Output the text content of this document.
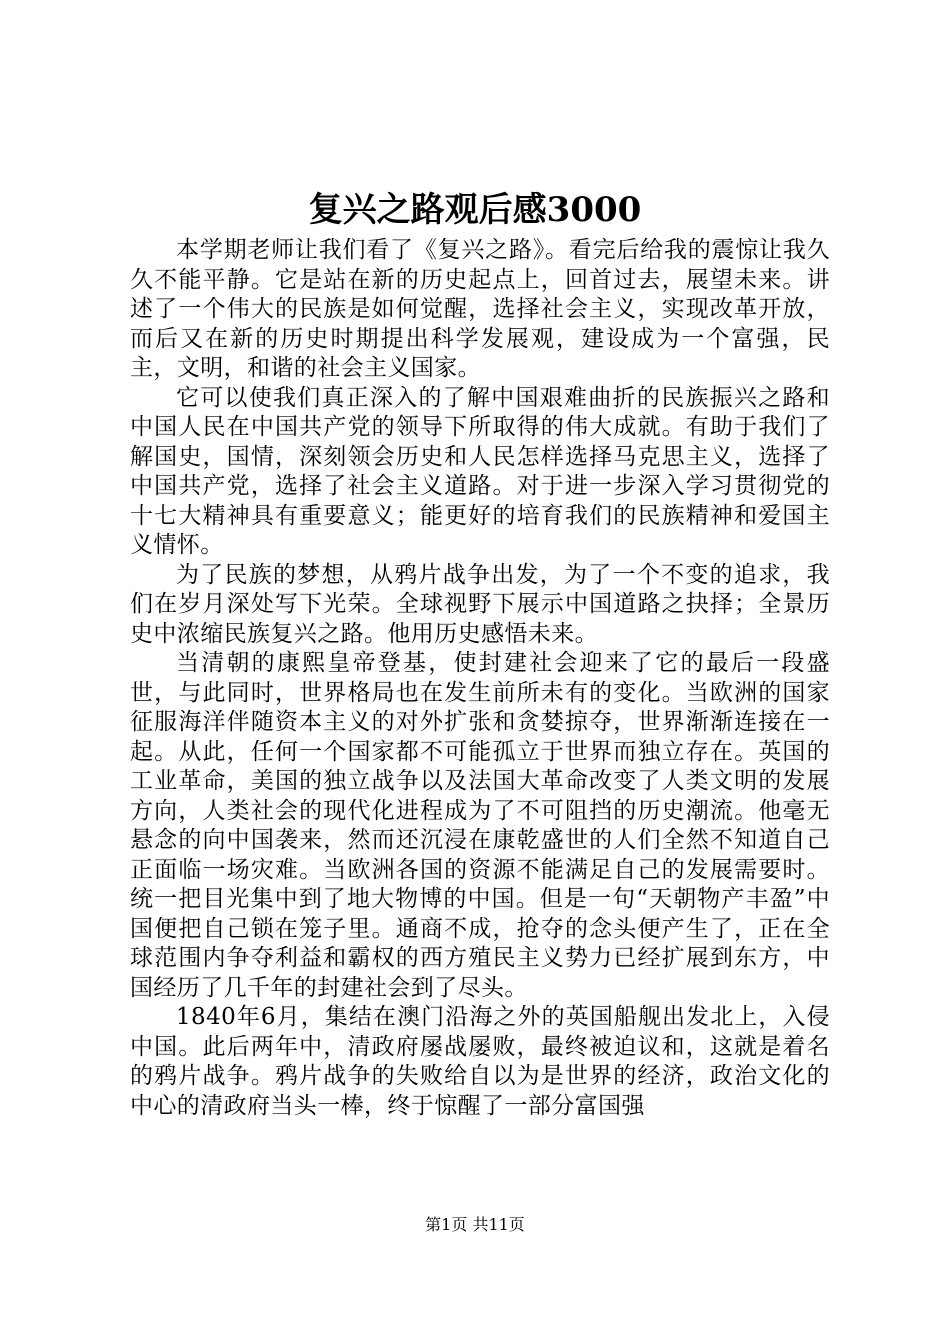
复兴之路观后感3000

本学期老师让我们看了《复兴之路》。看完后给我的震惊让我久久不能平静。它是站在新的历史起点上，回首过去，展望未来。讲述了一个伟大的民族是如何觉醒，选择社会主义，实现改革开放，而后又在新的历史时期提出科学发展观，建设成为一个富强，民主，文明，和谐的社会主义国家。

它可以使我们真正深入的了解中国艰难曲折的民族振兴之路和中国人民在中国共产党的领导下所取得的伟大成就。有助于我们了解国史，国情，深刻领会历史和人民怎样选择马克思主义，选择了中国共产党，选择了社会主义道路。对于进一步深入学习贯彻党的十七大精神具有重要意义；能更好的培育我们的民族精神和爱国主义情怀。

为了民族的梦想，从鸦片战争出发，为了一个不变的追求，我们在岁月深处写下光荣。全球视野下展示中国道路之抉择；全景历史中浓缩民族复兴之路。他用历史感悟未来。

当清朝的康熙皇帝登基，使封建社会迎来了它的最后一段盛世，与此同时，世界格局也在发生前所未有的变化。当欧洲的国家征服海洋伴随资本主义的对外扩张和贪婪掠夺，世界渐渐连接在一起。从此，任何一个国家都不可能孤立于世界而独立存在。英国的工业革命，美国的独立战争以及法国大革命改变了人类文明的发展方向，人类社会的现代化进程成为了不可阻挡的历史潮流。他毫无悬念的向中国袭来，然而还沉浸在康乾盛世的人们全然不知道自己正面临一场灾难。当欧洲各国的资源不能满足自己的发展需要时。统一把目光集中到了地大物博的中国。但是一句“天朝物产丰盈”中国便把自己锁在笼子里。通商不成，抢夺的念头便产生了，正在全球范围内争夺利益和霸权的西方殖民主义势力已经扩展到东方，中国经历了几千年的封建社会到了尽头。

1840年6月，集结在澳门沿海之外的英国船舰出发北上，入侵中国。此后两年中，清政府屡战屡败，最终被迫议和，这就是着名的鸦片战争。鸦片战争的失败给自以为是世界的经济，政治文化的中心的清政府当头一棒，终于惊醒了一部分富国强

第1页 共11页
